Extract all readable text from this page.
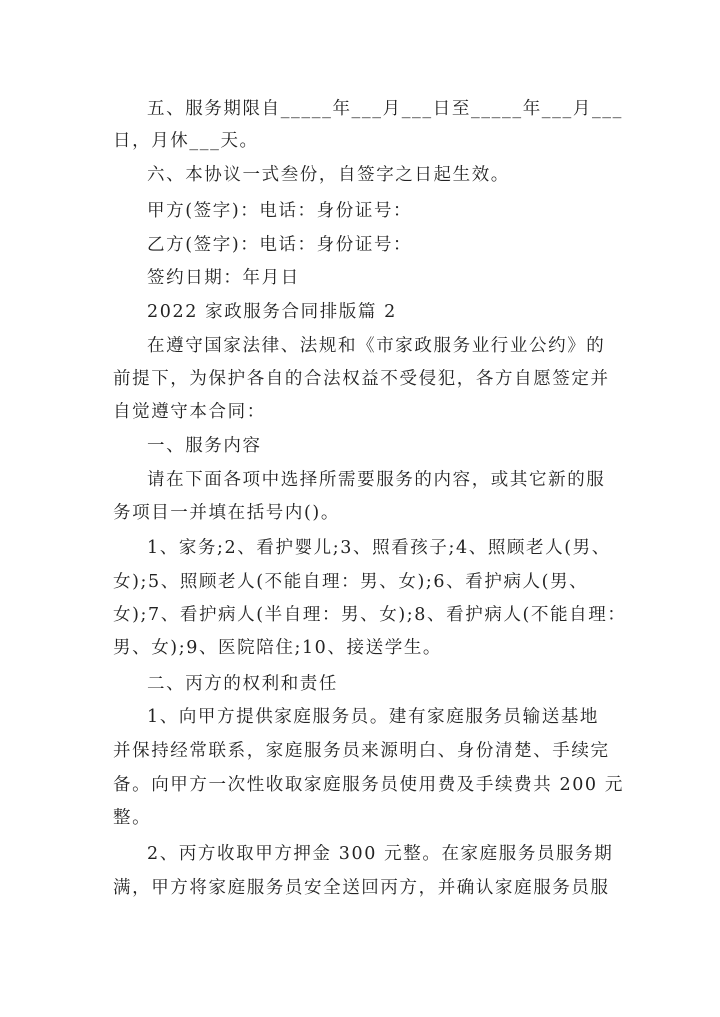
五、服务期限自_____年___月___日至_____年___月___
日，月休___天。
六、本协议一式叁份，自签字之日起生效。
甲方(签字)：电话：身份证号：
乙方(签字)：电话：身份证号：
签约日期：年月日
2022 家政服务合同排版篇 2
在遵守国家法律、法规和《市家政服务业行业公约》的
前提下，为保护各自的合法权益不受侵犯，各方自愿签定并
自觉遵守本合同：
一、服务内容
请在下面各项中选择所需要服务的内容，或其它新的服
务项目一并填在括号内()。
1、家务;2、看护婴儿;3、照看孩子;4、照顾老人(男、
女);5、照顾老人(不能自理：男、女);6、看护病人(男、
女);7、看护病人(半自理：男、女);8、看护病人(不能自理：
男、女);9、医院陪住;10、接送学生。
二、丙方的权利和责任
1、向甲方提供家庭服务员。建有家庭服务员输送基地
并保持经常联系，家庭服务员来源明白、身份清楚、手续完
备。向甲方一次性收取家庭服务员使用费及手续费共 200 元
整。
2、丙方收取甲方押金 300 元整。在家庭服务员服务期
满，甲方将家庭服务员安全送回丙方，并确认家庭服务员服
